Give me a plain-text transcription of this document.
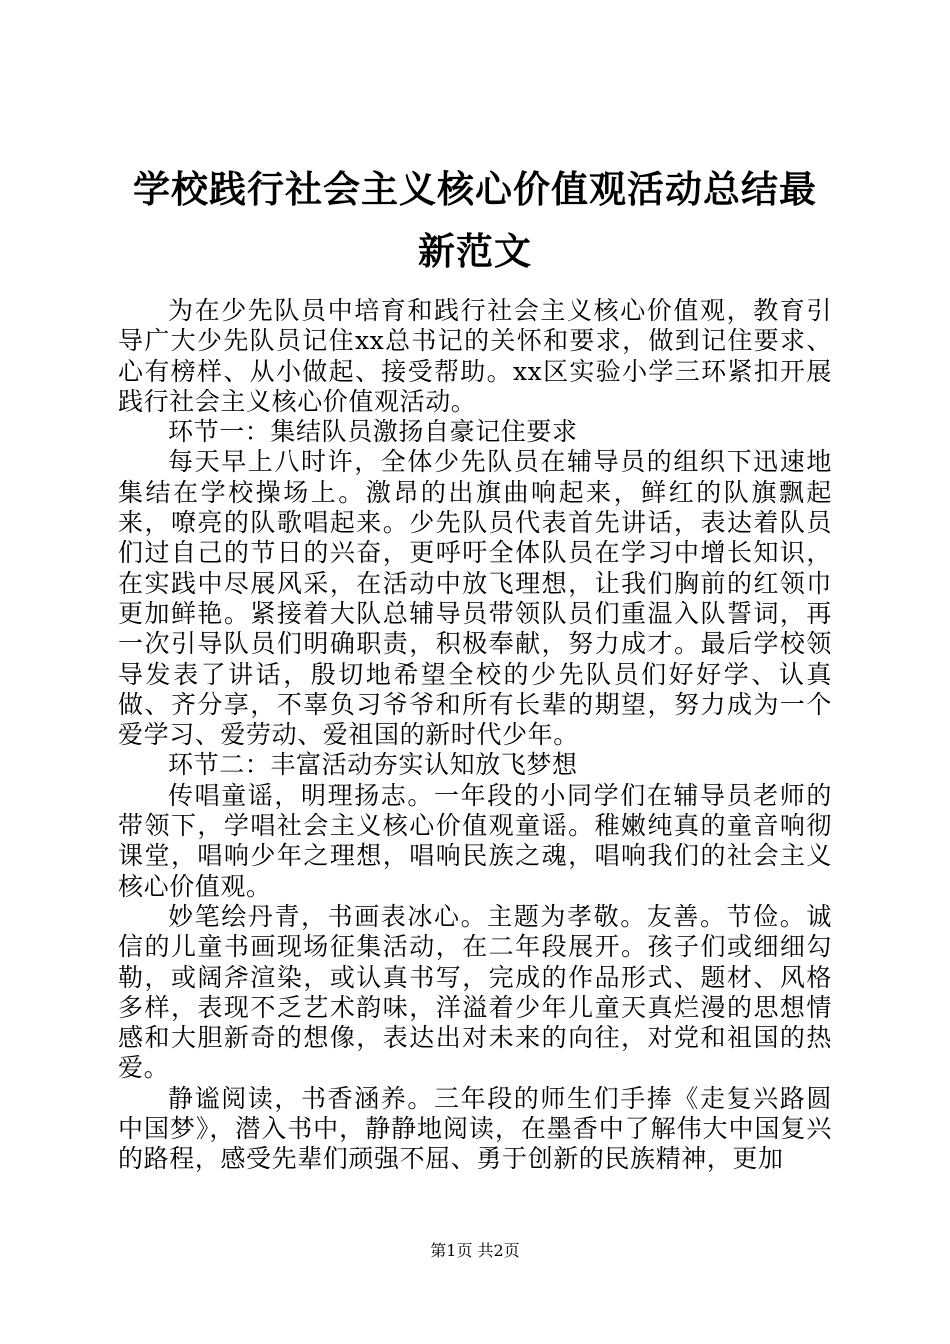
学校践行社会主义核心价值观活动总结最新范文

为在少先队员中培育和践行社会主义核心价值观，教育引导广大少先队员记住xx总书记的关怀和要求，做到记住要求、心有榜样、从小做起、接受帮助。xx区实验小学三环紧扣开展践行社会主义核心价值观活动。

环节一：集结队员激扬自豪记住要求

每天早上八时许，全体少先队员在辅导员的组织下迅速地集结在学校操场上。激昂的出旗曲响起来，鲜红的队旗飘起来，嘹亮的队歌唱起来。少先队员代表首先讲话，表达着队员们过自己的节日的兴奋，更呼吁全体队员在学习中增长知识，在实践中尽展风采，在活动中放飞理想，让我们胸前的红领巾更加鲜艳。紧接着大队总辅导员带领队员们重温入队誓词，再一次引导队员们明确职责，积极奉献，努力成才。最后学校领导发表了讲话，殷切地希望全校的少先队员们好好学、认真做、齐分享，不辜负习爷爷和所有长辈的期望，努力成为一个爱学习、爱劳动、爱祖国的新时代少年。

环节二：丰富活动夯实认知放飞梦想

传唱童谣，明理扬志。一年段的小同学们在辅导员老师的带领下，学唱社会主义核心价值观童谣。稚嫩纯真的童音响彻课堂，唱响少年之理想，唱响民族之魂，唱响我们的社会主义核心价值观。

妙笔绘丹青，书画表冰心。主题为孝敬。友善。节俭。诚信的儿童书画现场征集活动，在二年段展开。孩子们或细细勾勒，或阔斧渲染，或认真书写，完成的作品形式、题材、风格多样，表现不乏艺术韵味，洋溢着少年儿童天真烂漫的思想情感和大胆新奇的想像，表达出对未来的向往，对党和祖国的热爱。

静谧阅读，书香涵养。三年段的师生们手捧《走复兴路圆中国梦》，潜入书中，静静地阅读，在墨香中了解伟大中国复兴的路程，感受先辈们顽强不屈、勇于创新的民族精神，更加

第1页 共2页
